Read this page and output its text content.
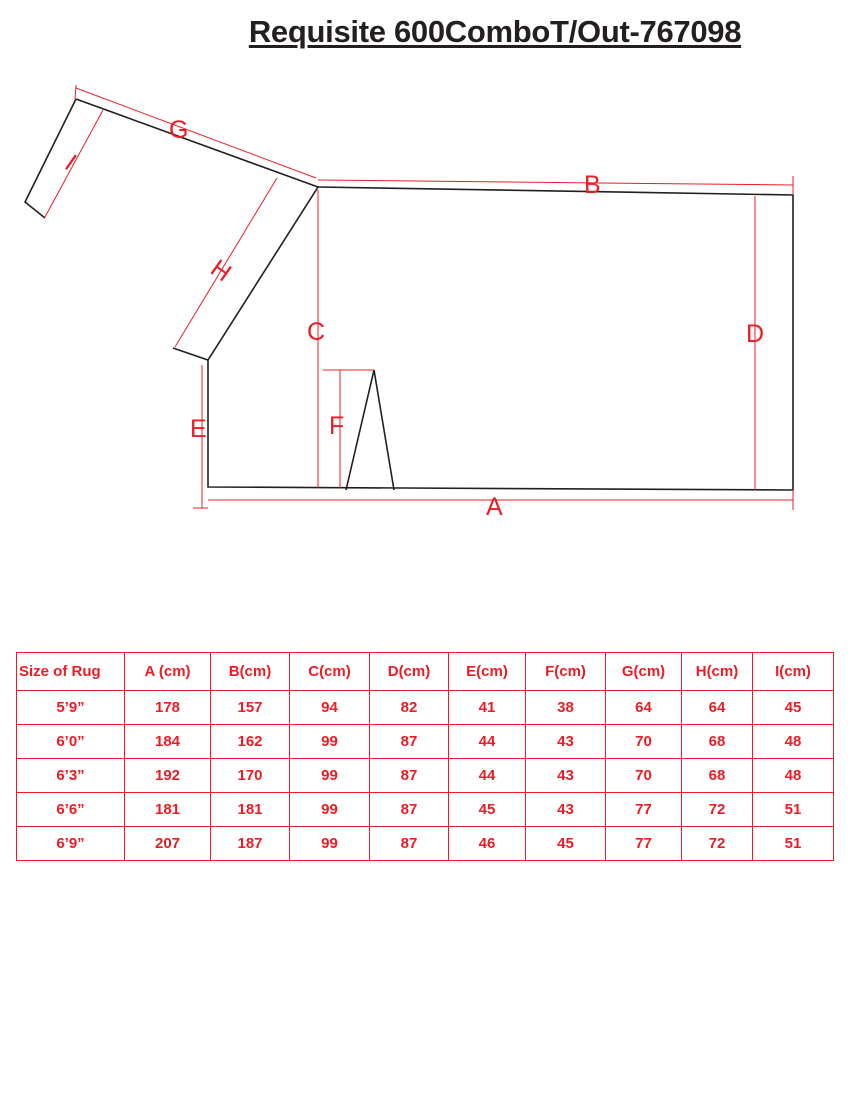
Requisite 600ComboT/Out-767098
G
B
I
H
C	D
E	F
A
Size of Rug	A (cm)	B(cm)	C(cm)	D(cm)	E(cm)	F(cm)	G(cm)	H(cm)	I(cm)
5’9”	178	157	94	82	41	38	64	64	45
6’0”	184	162	99	87	44	43	70	68	48
6’3”	192	170	99	87	44	43	70	68	48
6’6”	181	181	99	87	45	43	77	72	51
6’9”	207	187	99	87	46	45	77	72	51
